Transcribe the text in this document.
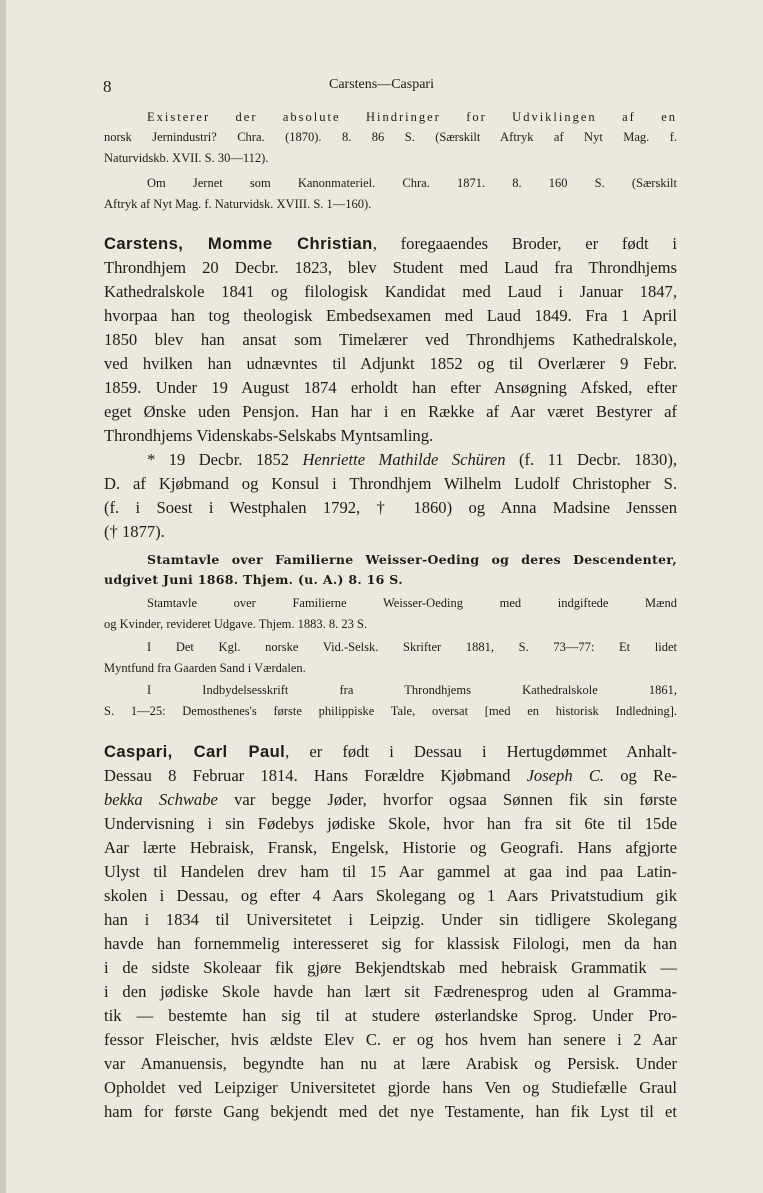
8	Carstens—Caspari
Existerer der absolute Hindringer for Udviklingen af en
norsk Jernindustri? Chra. (1870). 8. 86 S. (Særskilt Aftryk af Nyt Mag. f.
Naturvidskb. XVII. S. 30—112).
Om Jernet som Kanonmateriel. Chra. 1871. 8. 160 S. (Særskilt
Aftryk af Nyt Mag. f. Naturvidsk. XVIII. S. 1—160).
Carstens, Momme Christian, foregaaendes Broder, er født i
Throndhjem 20 Decbr. 1823, blev Student med Laud fra Throndhjems
Kathedralskole 1841 og filologisk Kandidat med Laud i Januar 1847,
hvorpaa han tog theologisk Embedsexamen med Laud 1849. Fra 1 April
1850 blev han ansat som Timelærer ved Throndhjems Kathedralskole,
ved hvilken han udnævntes til Adjunkt 1852 og til Overlærer 9 Febr.
1859. Under 19 August 1874 erholdt han efter Ansøgning Afsked, efter
eget Ønske uden Pensjon. Han har i en Række af Aar været Bestyrer af
Throndhjems Videnskabs-Selskabs Myntsamling.
* 19 Decbr. 1852 Henriette Mathilde Schüren (f. 11 Decbr. 1830),
D. af Kjøbmand og Konsul i Throndhjem Wilhelm Ludolf Christopher S.
(f. i Soest i Westphalen 1792, † 1860) og Anna Madsine Jenssen
(† 1877).
Stamtavle over Familierne Weisser-Oeding og deres Descendenter,
udgivet Juni 1868. Thjem. (u. A.) 8. 16 S.
Stamtavle over Familierne Weisser-Oeding med indgiftede Mænd
og Kvinder, revideret Udgave. Thjem. 1883. 8. 23 S.
I Det Kgl. norske Vid.-Selsk. Skrifter 1881, S. 73—77: Et lidet
Myntfund fra Gaarden Sand i Værdalen.
I Indbydelsesskrift fra Throndhjems Kathedralskole 1861,
S. 1—25: Demosthenes's første philippiske Tale, oversat [med en historisk Indledning].
Caspari, Carl Paul, er født i Dessau i Hertugdømmet Anhalt-
Dessau 8 Februar 1814. Hans Forældre Kjøbmand Joseph C. og Re-
bekka Schwabe var begge Jøder, hvorfor ogsaa Sønnen fik sin første
Undervisning i sin Fødebys jødiske Skole, hvor han fra sit 6te til 15de
Aar lærte Hebraisk, Fransk, Engelsk, Historie og Geografi. Hans afgjorte
Ulyst til Handelen drev ham til 15 Aar gammel at gaa ind paa Latin-
skolen i Dessau, og efter 4 Aars Skolegang og 1 Aars Privatstudium gik
han i 1834 til Universitetet i Leipzig. Under sin tidligere Skolegang
havde han fornemmelig interesseret sig for klassisk Filologi, men da han
i de sidste Skoleaar fik gjøre Bekjendtskab med hebraisk Grammatik —
i den jødiske Skole havde han lært sit Fædrenesprog uden al Gramma-
tik — bestemte han sig til at studere østerlandske Sprog. Under Pro-
fessor Fleischer, hvis ældste Elev C. er og hos hvem han senere i 2 Aar
var Amanuensis, begyndte han nu at lære Arabisk og Persisk. Under
Opholdet ved Leipziger Universitetet gjorde hans Ven og Studiefælle Graul
ham for første Gang bekjendt med det nye Testamente, han fik Lyst til et
